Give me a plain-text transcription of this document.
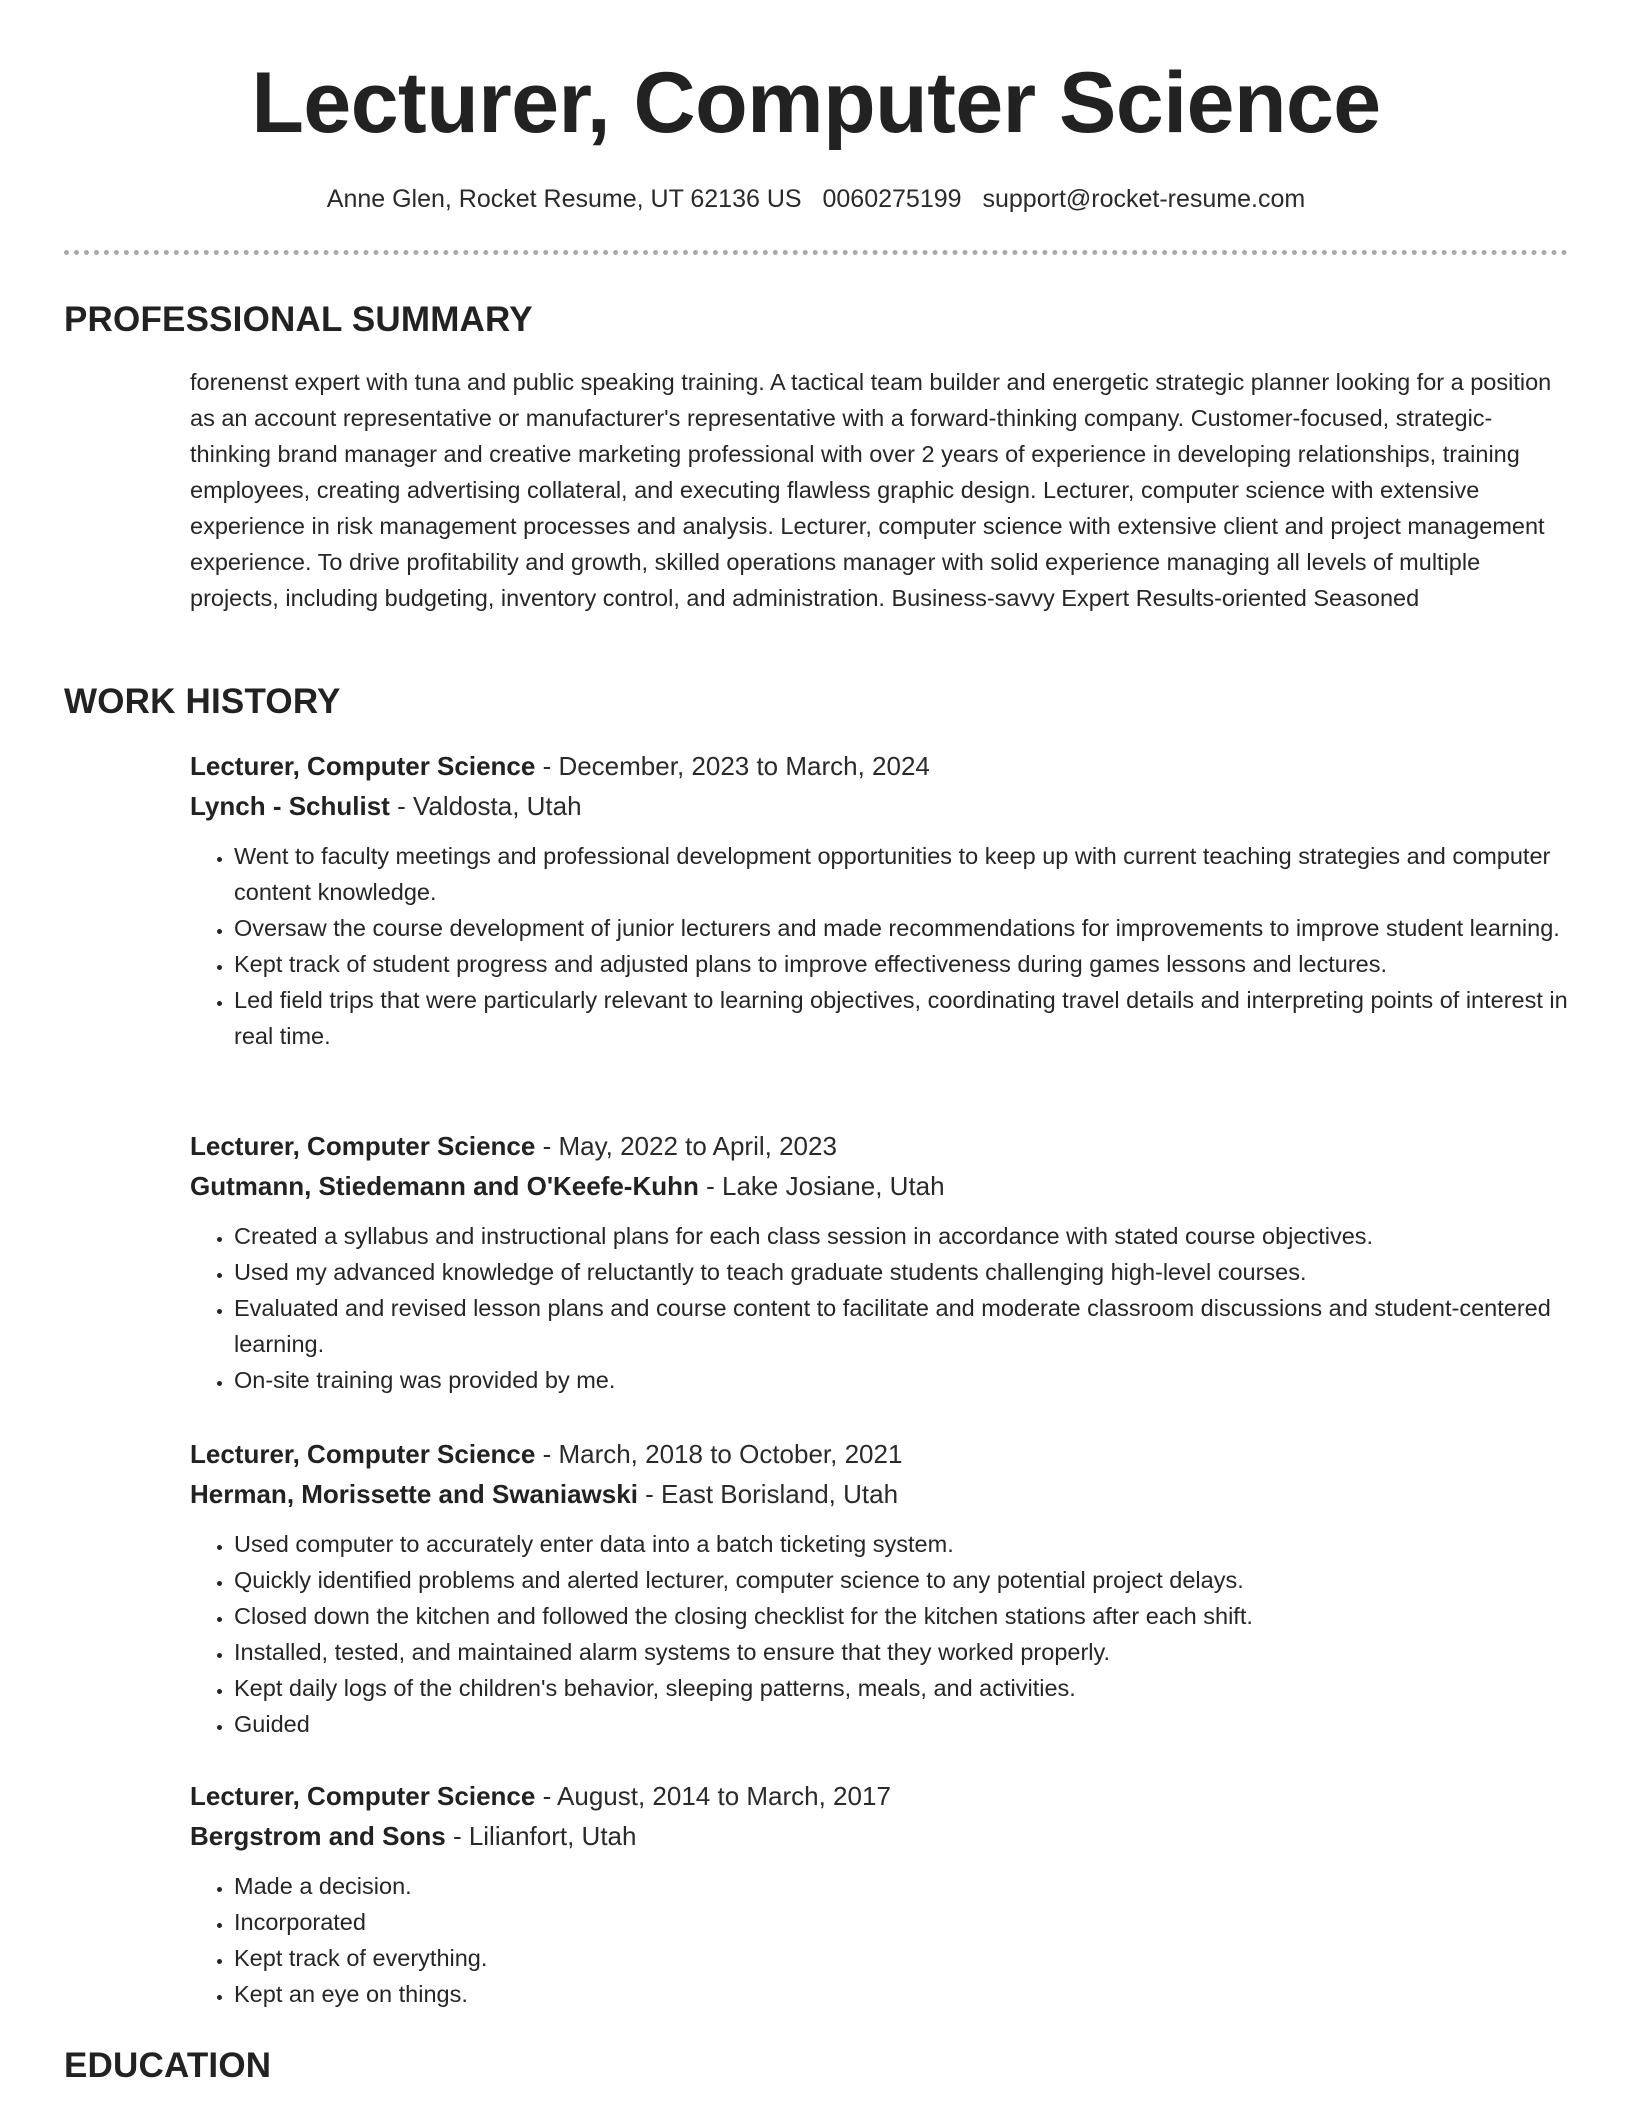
Lecturer, Computer Science
Anne Glen, Rocket Resume, UT 62136 US 0060275199 support@rocket-resume.com
PROFESSIONAL SUMMARY

forenenst expert with tuna and public speaking training. A tactical team builder and energetic strategic planner looking for a position as an account representative or manufacturer's representative with a forward-thinking company. Customer-focused, strategic-thinking brand manager and creative marketing professional with over 2 years of experience in developing relationships, training employees, creating advertising collateral, and executing flawless graphic design. Lecturer, computer science with extensive experience in risk management processes and analysis. Lecturer, computer science with extensive client and project management experience. To drive profitability and growth, skilled operations manager with solid experience managing all levels of multiple projects, including budgeting, inventory control, and administration. Business-savvy Expert Results-oriented Seasoned

WORK HISTORY
Lecturer, Computer Science - December, 2023 to March, 2024
Lynch - Schulist - Valdosta, Utah
• Went to faculty meetings and professional development opportunities to keep up with current teaching strategies and computer content knowledge.
• Oversaw the course development of junior lecturers and made recommendations for improvements to improve student learning.
• Kept track of student progress and adjusted plans to improve effectiveness during games lessons and lectures.
• Led field trips that were particularly relevant to learning objectives, coordinating travel details and interpreting points of interest in real time.
Lecturer, Computer Science - May, 2022 to April, 2023
Gutmann, Stiedemann and O'Keefe-Kuhn - Lake Josiane, Utah
• Created a syllabus and instructional plans for each class session in accordance with stated course objectives.
• Used my advanced knowledge of reluctantly to teach graduate students challenging high-level courses.
• Evaluated and revised lesson plans and course content to facilitate and moderate classroom discussions and student-centered learning.
• On-site training was provided by me.
Lecturer, Computer Science - March, 2018 to October, 2021
Herman, Morissette and Swaniawski - East Borisland, Utah
• Used computer to accurately enter data into a batch ticketing system.
• Quickly identified problems and alerted lecturer, computer science to any potential project delays.
• Closed down the kitchen and followed the closing checklist for the kitchen stations after each shift.
• Installed, tested, and maintained alarm systems to ensure that they worked properly.
• Kept daily logs of the children's behavior, sleeping patterns, meals, and activities.
• Guided
Lecturer, Computer Science - August, 2014 to March, 2017
Bergstrom and Sons - Lilianfort, Utah
• Made a decision.
• Incorporated
• Kept track of everything.
• Kept an eye on things.
EDUCATION
